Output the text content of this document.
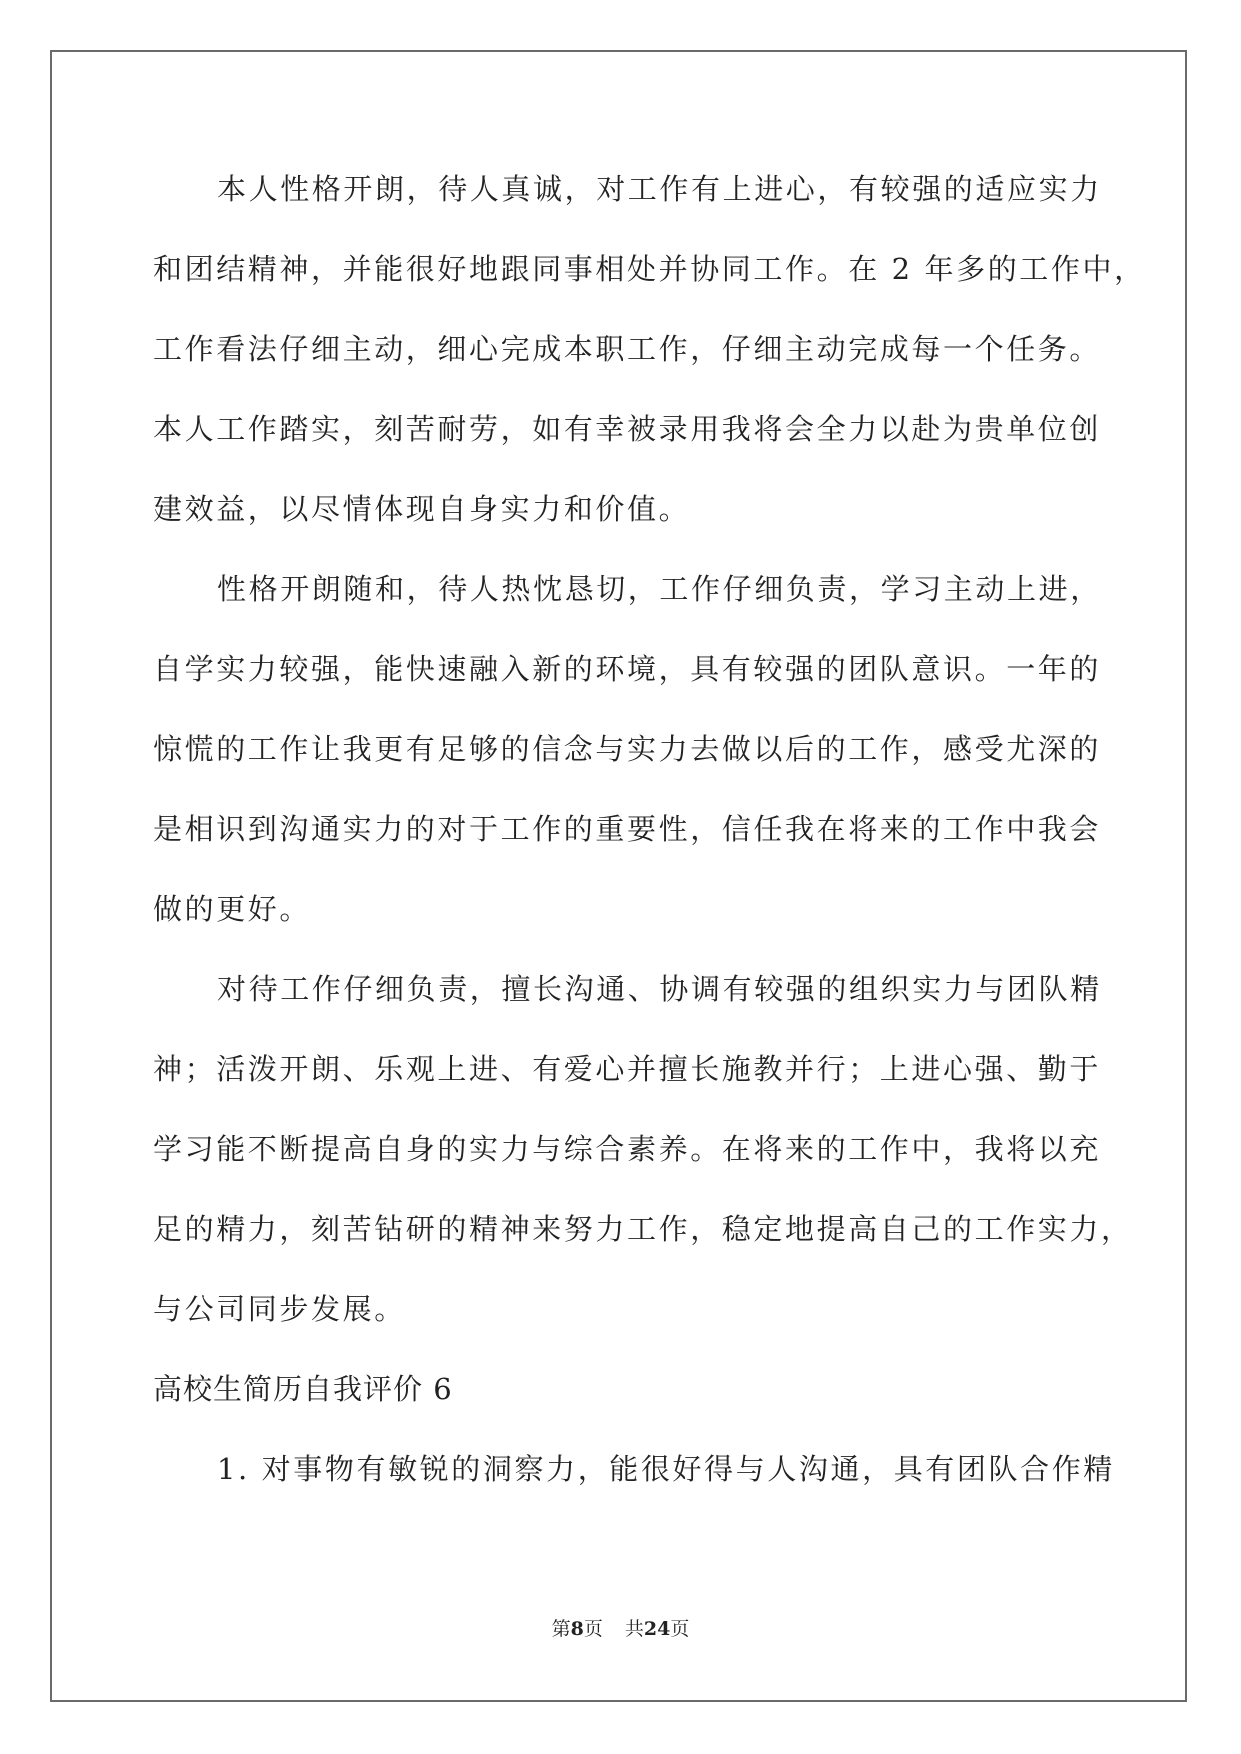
本人性格开朗，待人真诚，对工作有上进心，有较强的适应实力
和团结精神，并能很好地跟同事相处并协同工作。在 2 年多的工作中，
工作看法仔细主动，细心完成本职工作，仔细主动完成每一个任务。
本人工作踏实，刻苦耐劳，如有幸被录用我将会全力以赴为贵单位创
建效益，以尽情体现自身实力和价值。
性格开朗随和，待人热忱恳切，工作仔细负责，学习主动上进，
自学实力较强，能快速融入新的环境，具有较强的团队意识。一年的
惊慌的工作让我更有足够的信念与实力去做以后的工作，感受尤深的
是相识到沟通实力的对于工作的重要性，信任我在将来的工作中我会
做的更好。
对待工作仔细负责，擅长沟通、协调有较强的组织实力与团队精
神；活泼开朗、乐观上进、有爱心并擅长施教并行；上进心强、勤于
学习能不断提高自身的实力与综合素养。在将来的工作中，我将以充
足的精力，刻苦钻研的精神来努力工作，稳定地提高自己的工作实力，
与公司同步发展。
高校生简历自我评价 6
1. 对事物有敏锐的洞察力，能很好得与人沟通，具有团队合作精
第8页 共24页
